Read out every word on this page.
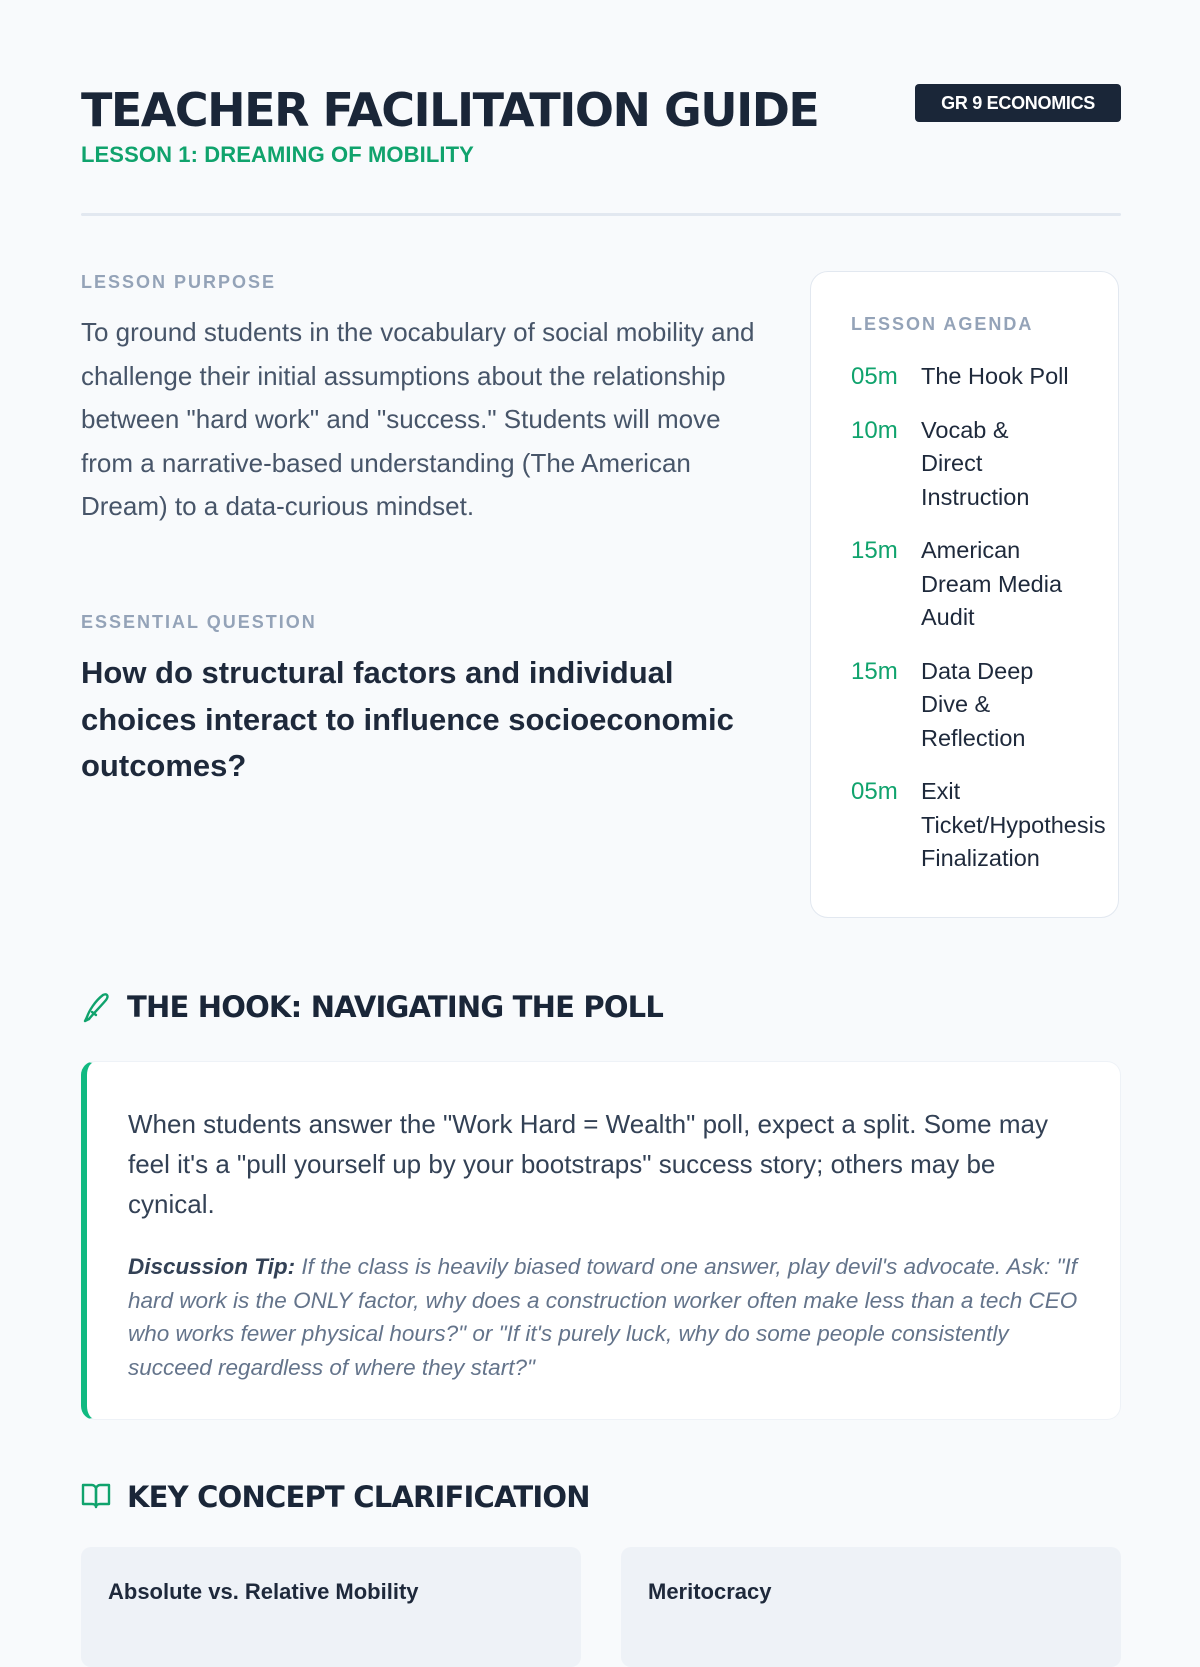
TEACHER FACILITATION GUIDE	GR 9 ECONOMICS
LESSON 1: DREAMING OF MOBILITY
LESSON PURPOSE

To ground students in the vocabulary of social mobility and challenge their initial assumptions about the relationship between "hard work" and "success." Students will move from a narrative-based understanding (The American Dream) to a data-curious mindset.

ESSENTIAL QUESTION

How do structural factors and individual choices interact to influence socioeconomic outcomes?

LESSON AGENDA
05m The Hook Poll
10m Vocab & Direct Instruction
15m American Dream Media Audit
15m Data Deep Dive & Reflection
05m Exit Ticket/Hypothesis Finalization
THE HOOK: NAVIGATING THE POLL

When students answer the "Work Hard = Wealth" poll, expect a split. Some may feel it's a "pull yourself up by your bootstraps" success story; others may be cynical.

Discussion Tip: If the class is heavily biased toward one answer, play devil's advocate. Ask: "If hard work is the ONLY factor, why does a construction worker often make less than a tech CEO who works fewer physical hours?" or "If it's purely luck, why do some people consistently succeed regardless of where they start?"

KEY CONCEPT CLARIFICATION
Absolute vs. Relative Mobility	Meritocracy
